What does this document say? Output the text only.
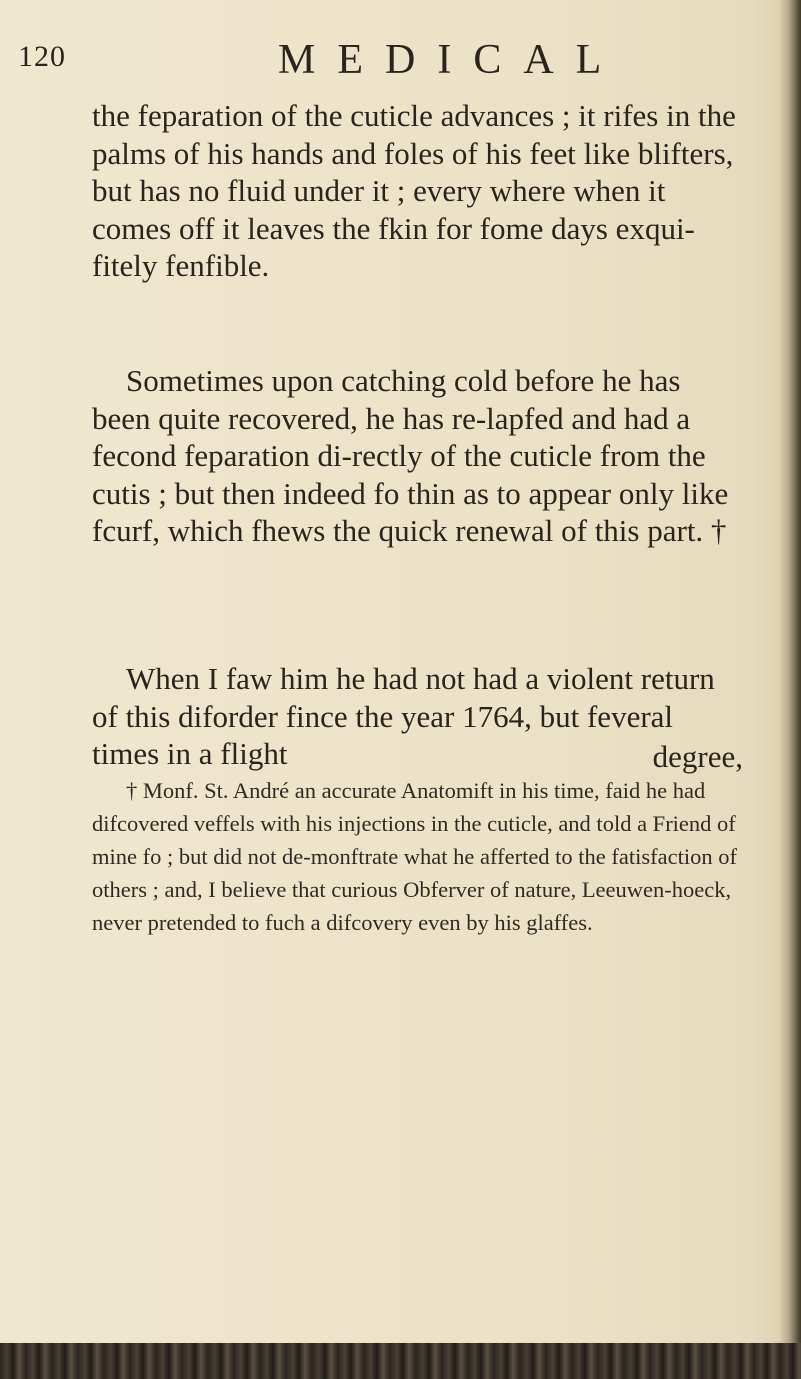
120	MEDICAL

the feparation of the cuticle advances ; it rifes in the palms of his hands and foles of his feet like blifters, but has no fluid under it ; every where when it comes off it leaves the fkin for fome days exqui-fitely fenfible.

Sometimes upon catching cold before he has been quite recovered, he has re-lapfed and had a fecond feparation di-rectly of the cuticle from the cutis ; but then indeed fo thin as to appear only like fcurf, which fhews the quick renewal of this part. †

When I faw him he had not had a violent return of this diforder fince the year 1764, but feveral times in a flight	degree,

† Monf. St. André an accurate Anatomift in his time, faid he had difcovered veffels with his injections in the cuticle, and told a Friend of mine fo ; but did not de-monftrate what he afferted to the fatisfaction of others ; and, I believe that curious Obferver of nature, Leeuwen-hoeck, never pretended to fuch a difcovery even by his glaffes.
